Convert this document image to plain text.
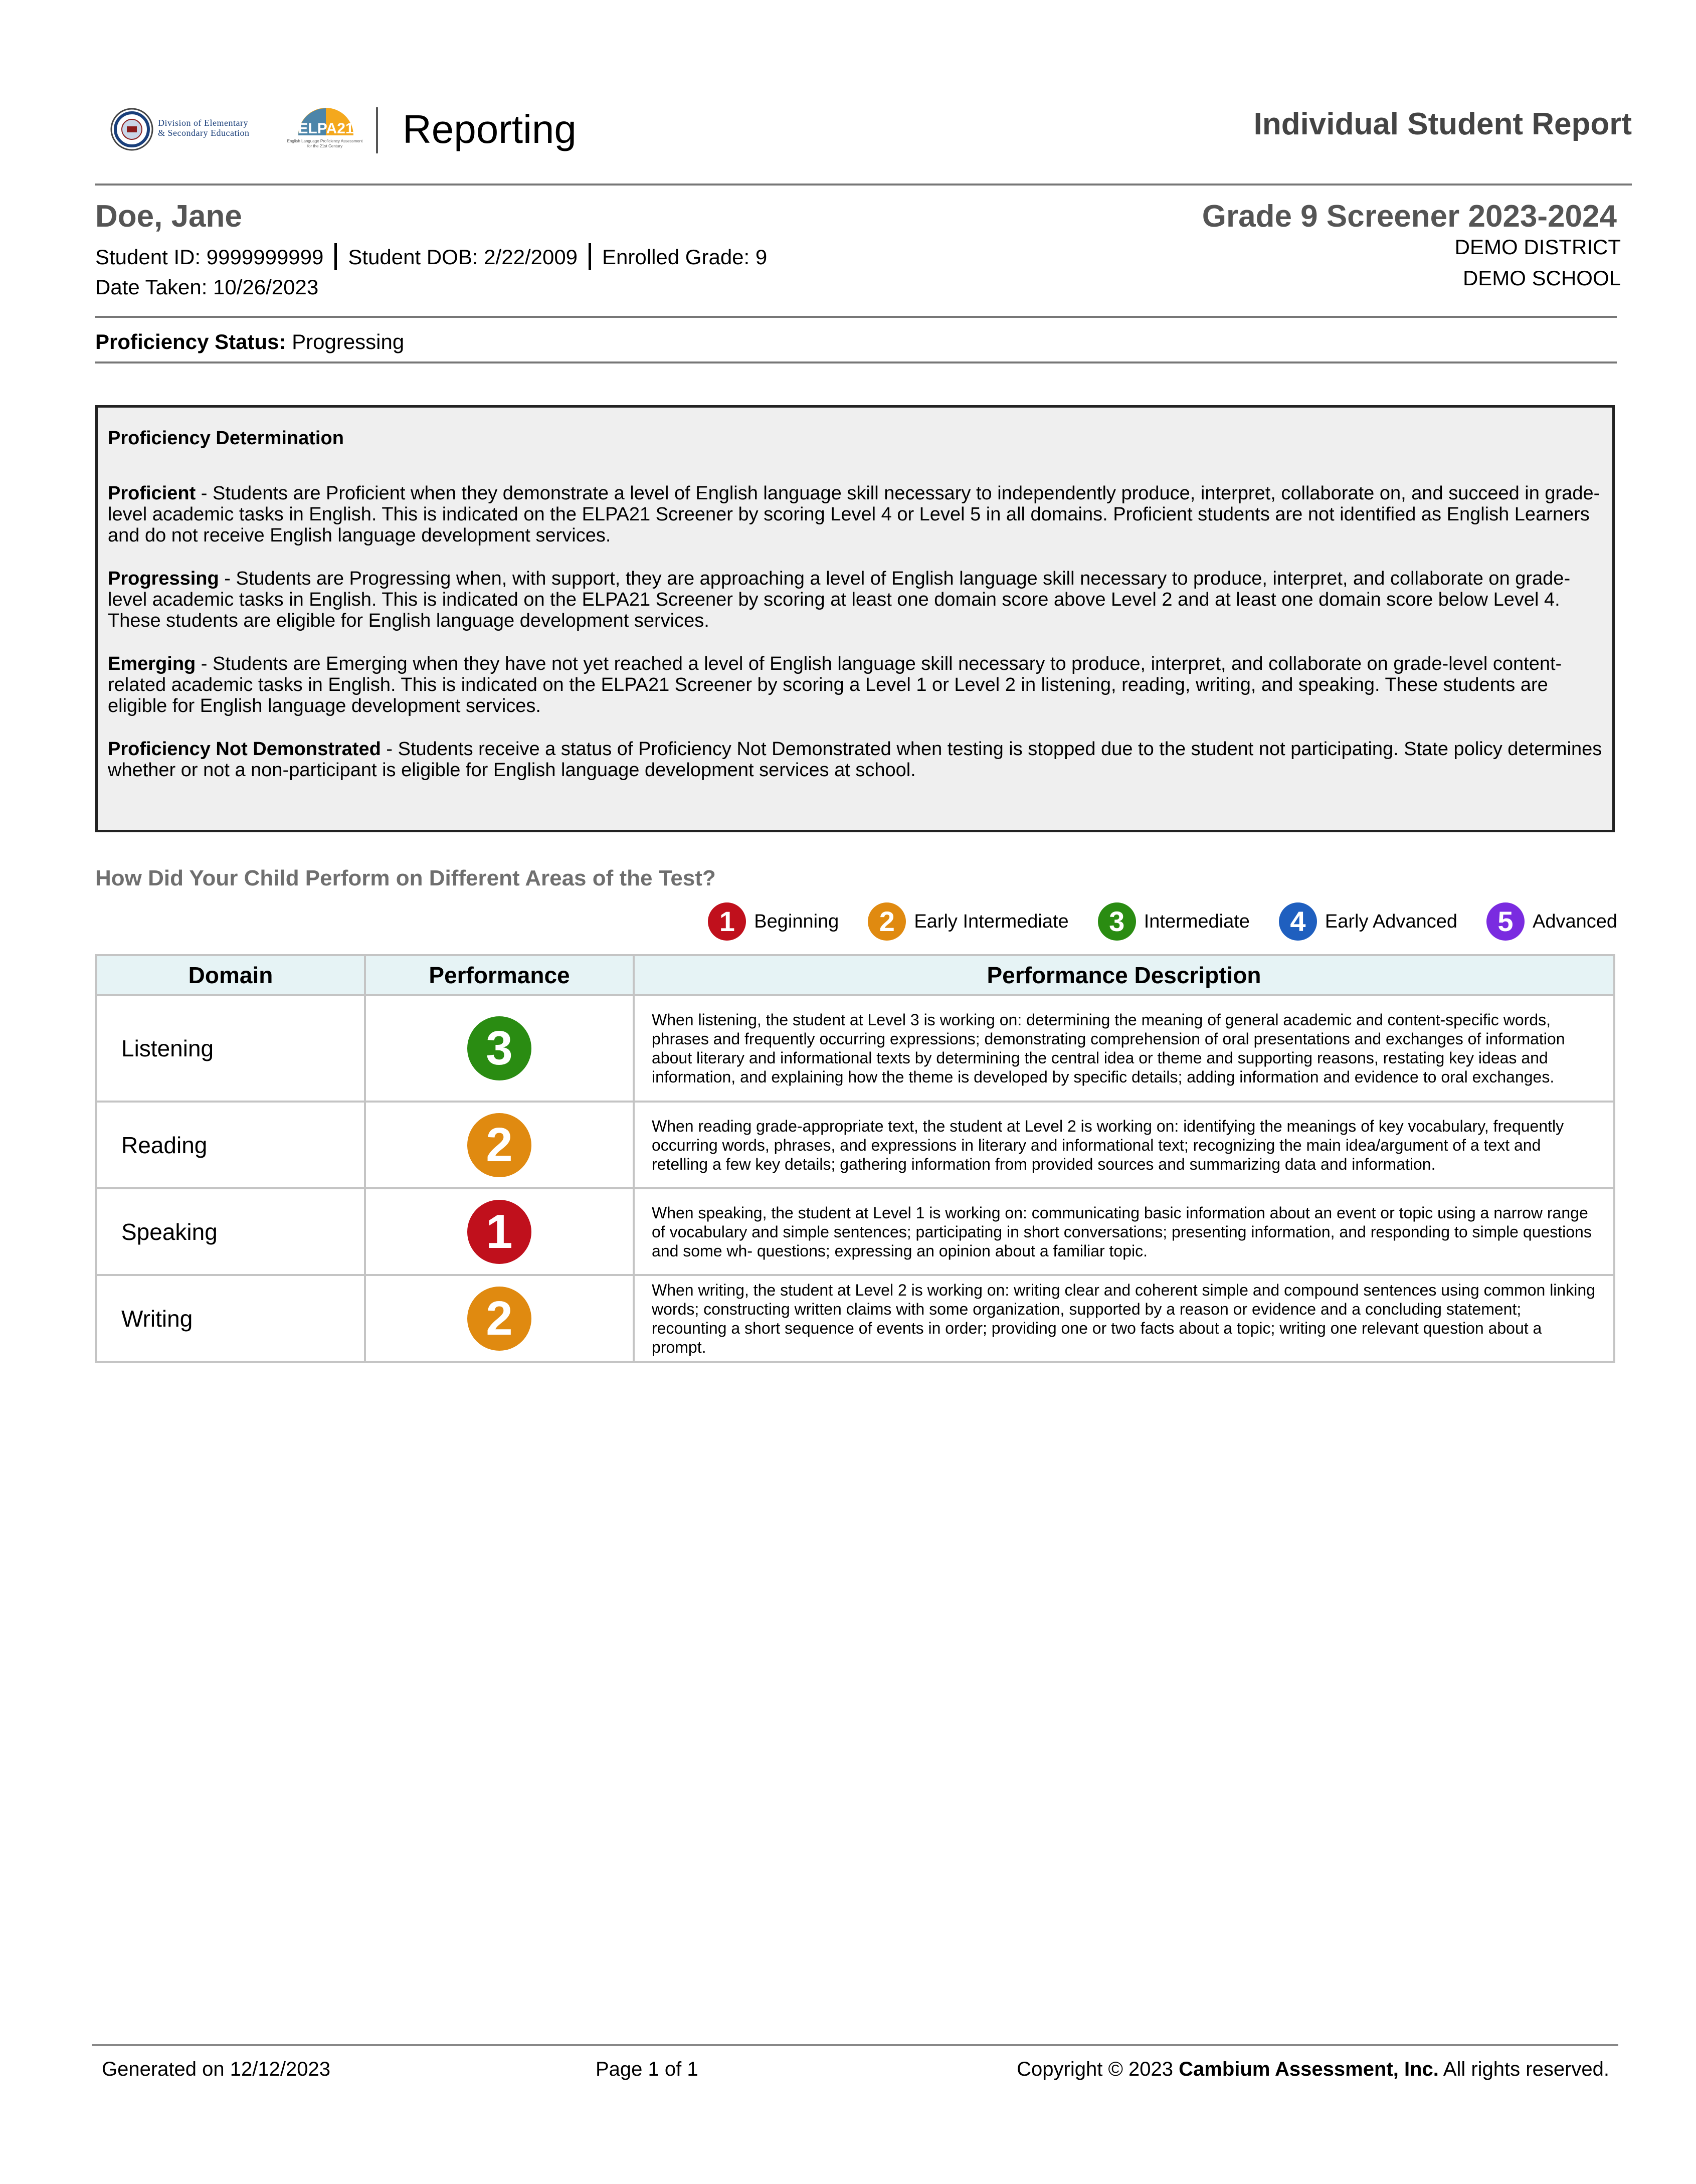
Division of Elementary
& Secondary Education	ELPA21
English Language Proficiency Assessment for the 21st Century	Reporting	Individual Student Report
Doe, Jane	Grade 9 Screener 2023-2024
Student ID: 9999999999 Student DOB: 2/22/2009 Enrolled Grade: 9
Date Taken: 10/26/2023
DEMO DISTRICT
DEMO SCHOOL
Proficiency Status: Progressing
Proficiency Determination
Proficient - Students are Proficient when they demonstrate a level of English language skill necessary to independently produce, interpret, collaborate on, and succeed in grade-level academic tasks in English. This is indicated on the ELPA21 Screener by scoring Level 4 or Level 5 in all domains. Proficient students are not identified as English Learners and do not receive English language development services.
Progressing - Students are Progressing when, with support, they are approaching a level of English language skill necessary to produce, interpret, and collaborate on grade-level academic tasks in English. This is indicated on the ELPA21 Screener by scoring at least one domain score above Level 2 and at least one domain score below Level 4. These students are eligible for English language development services.
Emerging - Students are Emerging when they have not yet reached a level of English language skill necessary to produce, interpret, and collaborate on grade-level content-related academic tasks in English. This is indicated on the ELPA21 Screener by scoring a Level 1 or Level 2 in listening, reading, writing, and speaking. These students are eligible for English language development services.
Proficiency Not Demonstrated - Students receive a status of Proficiency Not Demonstrated when testing is stopped due to the student not participating. State policy determines whether or not a non-participant is eligible for English language development services at school.
How Did Your Child Perform on Different Areas of the Test?
1	Beginning	2	Early Intermediate	3	Intermediate	4	Early Advanced	5	Advanced
Domain	Performance	Performance Description
Listening	3	When listening, the student at Level 3 is working on: determining the meaning of general academic and content-specific words, phrases and frequently occurring expressions; demonstrating comprehension of oral presentations and exchanges of information about literary and informational texts by determining the central idea or theme and supporting reasons, restating key ideas and information, and explaining how the theme is developed by specific details; adding information and evidence to oral exchanges.
Reading	2	When reading grade-appropriate text, the student at Level 2 is working on: identifying the meanings of key vocabulary, frequently occurring words, phrases, and expressions in literary and informational text; recognizing the main idea/argument of a text and retelling a few key details; gathering information from provided sources and summarizing data and information.
Speaking	1	When speaking, the student at Level 1 is working on: communicating basic information about an event or topic using a narrow range of vocabulary and simple sentences; participating in short conversations; presenting information, and responding to simple questions and some wh- questions; expressing an opinion about a familiar topic.
Writing	2	When writing, the student at Level 2 is working on: writing clear and coherent simple and compound sentences using common linking words; constructing written claims with some organization, supported by a reason or evidence and a concluding statement; recounting a short sequence of events in order; providing one or two facts about a topic; writing one relevant question about a prompt.
Generated on 12/12/2023	Page 1 of 1	Copyright © 2023 Cambium Assessment, Inc. All rights reserved.
